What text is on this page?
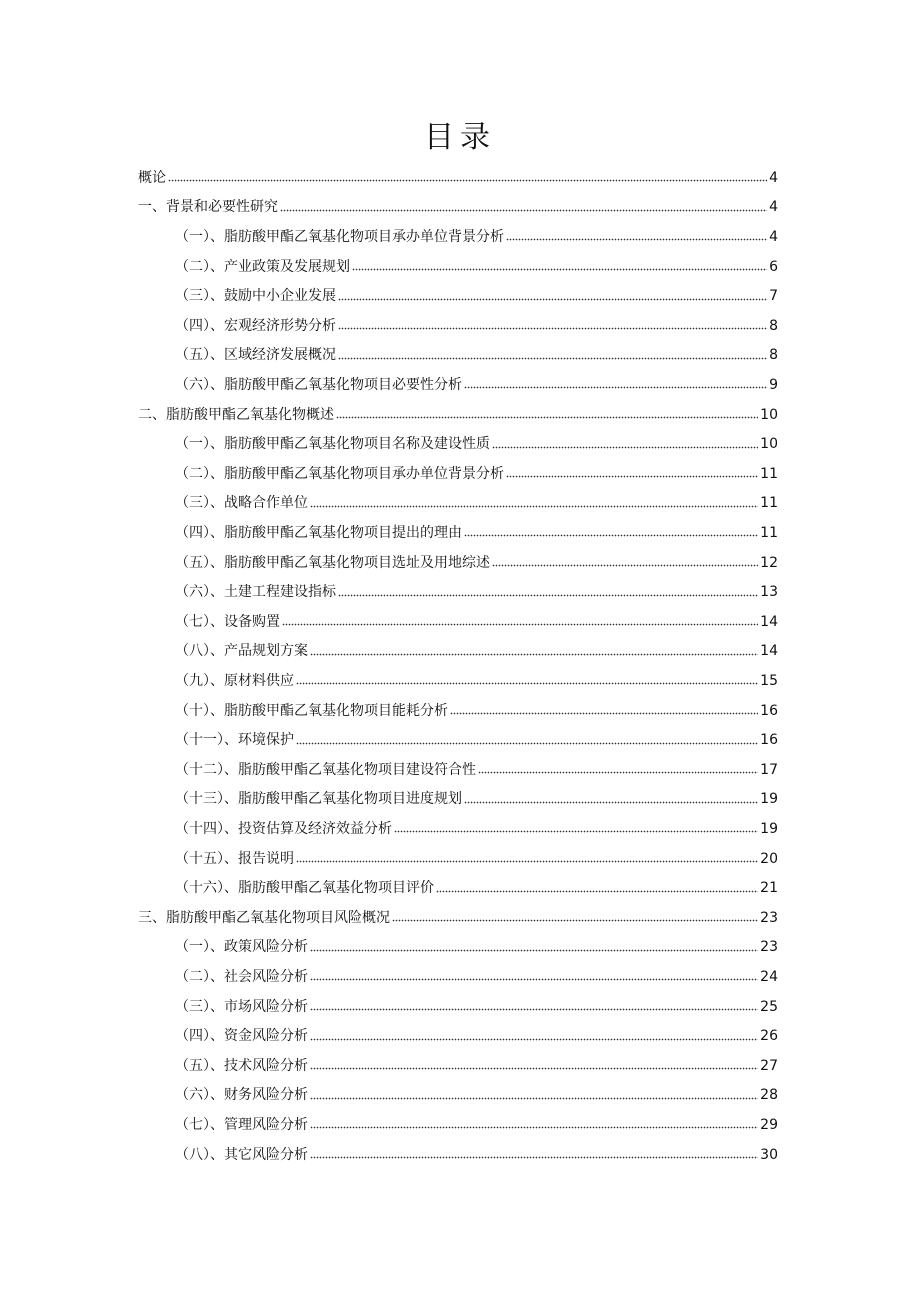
目录
概论	4
一、背景和必要性研究	4
（一）、脂肪酸甲酯乙氧基化物项目承办单位背景分析	4
（二）、产业政策及发展规划	6
（三）、鼓励中小企业发展	7
（四）、宏观经济形势分析	8
（五）、区域经济发展概况	8
（六）、脂肪酸甲酯乙氧基化物项目必要性分析	9
二、脂肪酸甲酯乙氧基化物概述	10
（一）、脂肪酸甲酯乙氧基化物项目名称及建设性质	10
（二）、脂肪酸甲酯乙氧基化物项目承办单位背景分析	11
（三）、战略合作单位	11
（四）、脂肪酸甲酯乙氧基化物项目提出的理由	11
（五）、脂肪酸甲酯乙氧基化物项目选址及用地综述	12
（六）、土建工程建设指标	13
（七）、设备购置	14
（八）、产品规划方案	14
（九）、原材料供应	15
（十）、脂肪酸甲酯乙氧基化物项目能耗分析	16
（十一）、环境保护	16
（十二）、脂肪酸甲酯乙氧基化物项目建设符合性	17
（十三）、脂肪酸甲酯乙氧基化物项目进度规划	19
（十四）、投资估算及经济效益分析	19
（十五）、报告说明	20
（十六）、脂肪酸甲酯乙氧基化物项目评价	21
三、脂肪酸甲酯乙氧基化物项目风险概况	23
（一）、政策风险分析	23
（二）、社会风险分析	24
（三）、市场风险分析	25
（四）、资金风险分析	26
（五）、技术风险分析	27
（六）、财务风险分析	28
（七）、管理风险分析	29
（八）、其它风险分析	30
